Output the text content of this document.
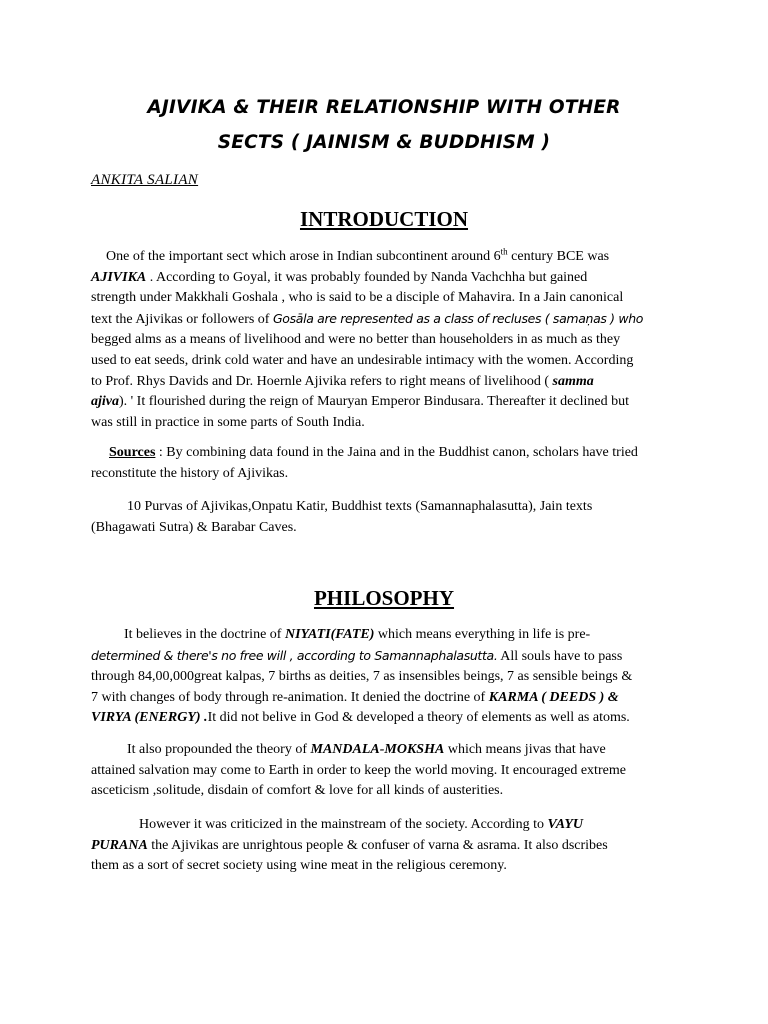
AJIVIKA & THEIR RELATIONSHIP WITH OTHER
SECTS ( JAINISM & BUDDHISM )
ANKITA SALIAN
INTRODUCTION
One of the important sect which arose in Indian subcontinent around 6th century BCE was
AJIVIKA . According to Goyal, it was probably founded by Nanda Vachchha but gained
strength under Makkhali Goshala , who is said to be a disciple of Mahavira. In a Jain canonical
text the Ajivikas or followers of Gosāla are represented as a class of recluses ( samaṇas ) who
begged alms as a means of livelihood and were no better than householders in as much as they
used to eat seeds, drink cold water and have an undesirable intimacy with the women. According
to Prof. Rhys Davids and Dr. Hoernle Ajivika refers to right means of livelihood ( samma
ajiva). ' It flourished during the reign of Mauryan Emperor Bindusara. Thereafter it declined but
was still in practice in some parts of South India.
Sources : By combining data found in the Jaina and in the Buddhist canon, scholars have tried
reconstitute the history of Ajivikas.
10 Purvas of Ajivikas,Onpatu Katir, Buddhist texts (Samannaphalasutta), Jain texts
(Bhagawati Sutra) & Barabar Caves.
PHILOSOPHY
It believes in the doctrine of NIYATI(FATE) which means everything in life is pre-
determined & there's no free will , according to Samannaphalasutta. All souls have to pass
through 84,00,000great kalpas, 7 births as deities, 7 as insensibles beings, 7 as sensible beings &
7 with changes of body through re-animation. It denied the doctrine of KARMA ( DEEDS ) &
VIRYA (ENERGY) .It did not belive in God & developed a theory of elements as well as atoms.
It also propounded the theory of MANDALA-MOKSHA which means jivas that have
attained salvation may come to Earth in order to keep the world moving. It encouraged extreme
asceticism ,solitude, disdain of comfort & love for all kinds of austerities.
However it was criticized in the mainstream of the society. According to VAYU
PURANA the Ajivikas are unrightous people & confuser of varna & asrama. It also dscribes
them as a sort of secret society using wine meat in the religious ceremony.
